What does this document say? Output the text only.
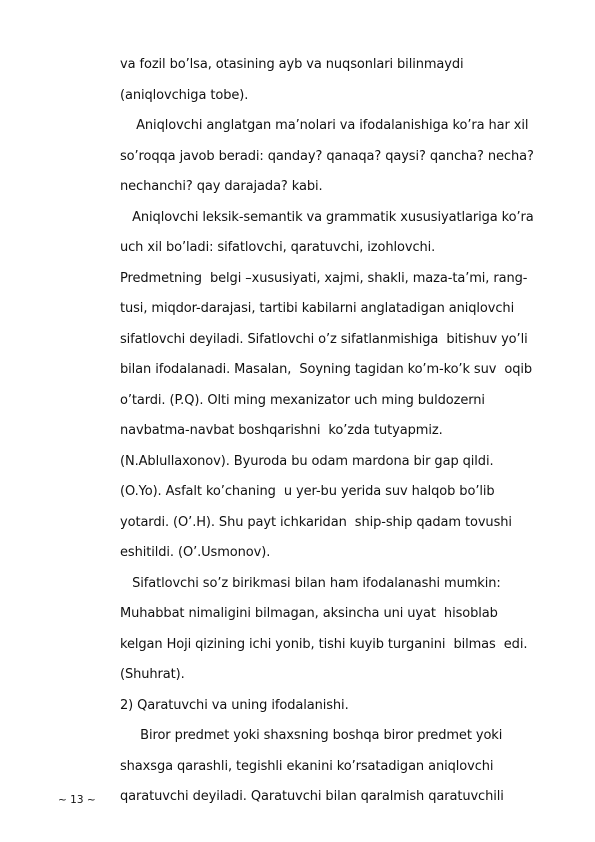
va fozil bo’lsa, otasining ayb va nuqsonlari bilinmaydi
(aniqlovchiga tobe).
Aniqlovchi anglatgan ma’nolari va ifodalanishiga ko’ra har xil
so’roqqa javob beradi: qanday? qanaqa? qaysi? qancha? necha?
nechanchi? qay darajada? kabi.
Aniqlovchi leksik-semantik va grammatik xususiyatlariga ko’ra
uch xil bo’ladi: sifatlovchi, qaratuvchi, izohlovchi.
Predmetning  belgi –xususiyati, xajmi, shakli, maza-ta’mi, rang-
tusi, miqdor-darajasi, tartibi kabilarni anglatadigan aniqlovchi
sifatlovchi deyiladi. Sifatlovchi o’z sifatlanmishiga  bitishuv yo’li
bilan ifodalanadi. Masalan,  Soyning tagidan ko’m-ko’k suv  oqib
o’tardi. (P.Q). Olti ming mexanizator uch ming buldozerni
navbatma-navbat boshqarishni  ko’zda tutyapmiz.
(N.Ablullaxonov). Byuroda bu odam mardona bir gap qildi.
(O.Yo). Asfalt ko’chaning  u yer-bu yerida suv halqob bo’lib
yotardi. (O’.H). Shu payt ichkaridan  ship-ship qadam tovushi
eshitildi. (O’.Usmonov).
Sifatlovchi so’z birikmasi bilan ham ifodalanashi mumkin:
Muhabbat nimaligini bilmagan, aksincha uni uyat  hisoblab
kelgan Hoji qizining ichi yonib, tishi kuyib turganini  bilmas  edi.
(Shuhrat).
2) Qaratuvchi va uning ifodalanishi.
Biror predmet yoki shaxsning boshqa biror predmet yoki
shaxsga qarashli, tegishli ekanini ko’rsatadigan aniqlovchi
qaratuvchi deyiladi. Qaratuvchi bilan qaralmish qaratuvchili
~ 13 ~
